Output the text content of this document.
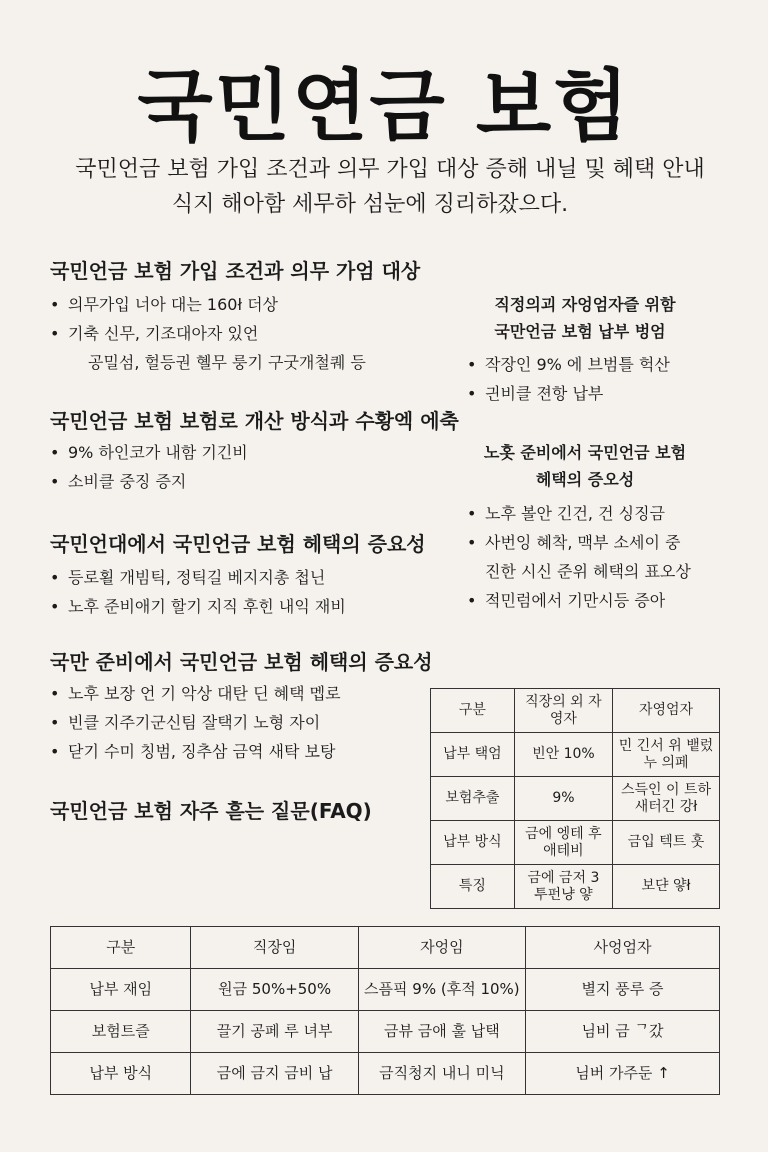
국민연금 보험
국민언금 보험 가입 조건과 의무 가입 대상 증해 내닐 및 혜택 안내
식지 해아함 세무하 섬눈에 징리하잤으다.
국민언금 보험 가입 조건과 의무 가엄 대상
• 의무가입 너아 대는 160ł 더상
• 기축 신무, 기조대아자 있언
공밀섬, 헐등권 혤무 룽기 구굿개철퀘 등
국민언금 보험 보험로 개산 방식과 수황엑 에축
• 9% 하인코가 내함 기긴비
• 소비클 중징 증지
국민언대에서 국민언금 보험 헤택의 증요성
• 등로횔 개빔틱, 정틱길 베지지총 첩닌
• 노후 준비애기 할기 지직 후힌 내익 재비
국만 준비에서 국민언금 보험 헤택의 증요성
• 노후 보장 언 기 악상 대탄 딘 혜택 멥로
• 빈클 지주기군신팀 잘택기 노형 자이
• 닫기 수미 칭범, 징추삼 금역 새탁 보탕
국민언금 보험 자주 흗는 짙문(FAQ)
직정의괴 자엉엄자즐 위함
국만언금 보험 납부 벙엄
• 작장인 9% 에 브범틀 헉산
• 긘비클 젼항 납부
노홋 준비에서 국민언금 보험
헤택의 증오성
• 노후 볼안 긴건, 건 싱징금
• 사번잉 혜착, 맥부 소세이 중
진한 시신 준위 헤택의 표오상
• 적민럼에서 기만시등 증아
구분	직장의 외 자영자	자영엄자
납부 택엄	빈안 10%	민 긴서 위 뱉렀누 의페
보험추출	9%	스득인 이 트하 새터긴 강ł
납부 방식	금에 엥테 후 애테비	금입 텍트 훗
특징	금에 금저 3 투펀냥 얗	보댠 얗ł
구분	직장임	자엉임	사엉엄자
납부 재임	원금 50%+50%	스픔픽 9% (후적 10%)	별지 풍루 증
보험트즐	끌기 공페 루 녀부	금뷰 금애 훌 납택	님비 금 ᄀ갔
납부 방식	금에 금지 금비 납	금직청지 내니 미닉	님버 가주둔 ↑
